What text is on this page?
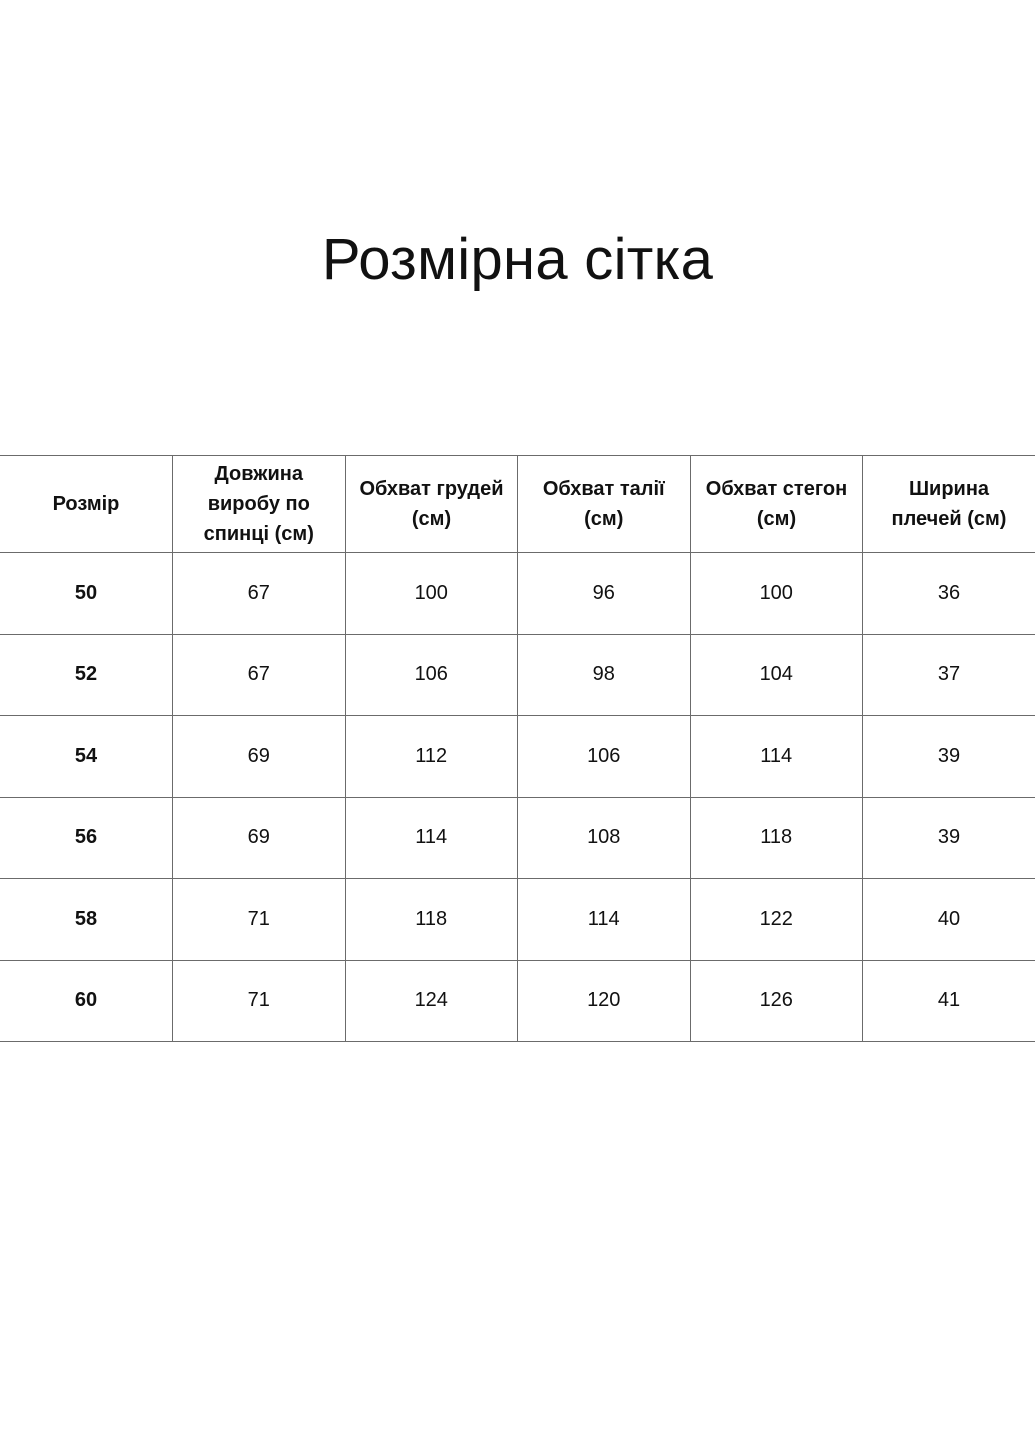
Розмірна сітка
Розмір	Довжина виробу по спинці (см)	Обхват грудей (см)	Обхват талії (см)	Обхват стегон (см)	Ширина плечей (см)
50	67	100	96	100	36
52	67	106	98	104	37
54	69	112	106	114	39
56	69	114	108	118	39
58	71	118	114	122	40
60	71	124	120	126	41
